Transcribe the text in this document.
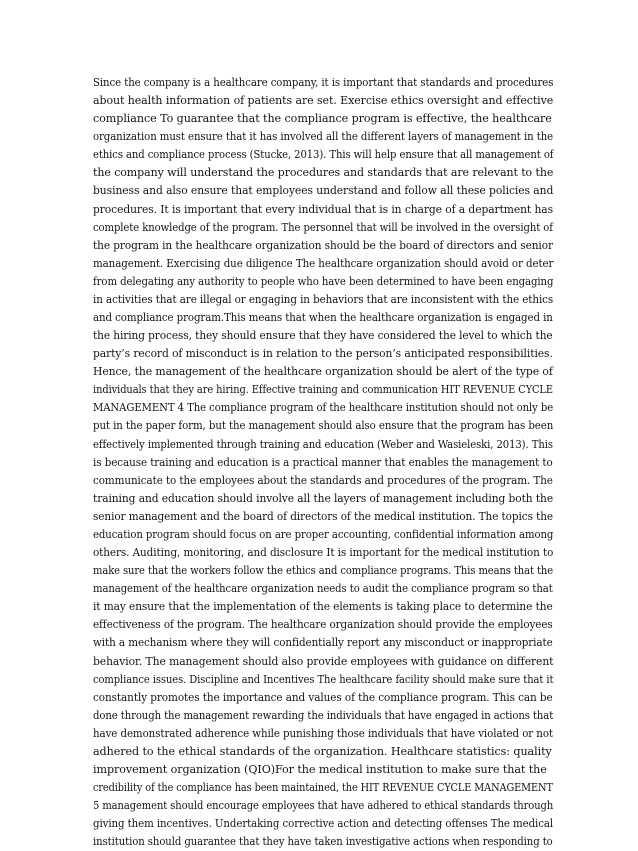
Since the company is a healthcare company, it is important that standards and procedures
about health information of patients are set. Exercise ethics oversight and effective
compliance To guarantee that the compliance program is effective, the healthcare
organization must ensure that it has involved all the different layers of management in the
ethics and compliance process (Stucke, 2013). This will help ensure that all management of
the company will understand the procedures and standards that are relevant to the
business and also ensure that employees understand and follow all these policies and
procedures. It is important that every individual that is in charge of a department has
complete knowledge of the program. The personnel that will be involved in the oversight of
the program in the healthcare organization should be the board of directors and senior
management. Exercising due diligence The healthcare organization should avoid or deter
from delegating any authority to people who have been determined to have been engaging
in activities that are illegal or engaging in behaviors that are inconsistent with the ethics
and compliance program.This means that when the healthcare organization is engaged in
the hiring process, they should ensure that they have considered the level to which the
party’s record of misconduct is in relation to the person’s anticipated responsibilities.
Hence, the management of the healthcare organization should be alert of the type of
individuals that they are hiring. Effective training and communication HIT REVENUE CYCLE
MANAGEMENT 4 The compliance program of the healthcare institution should not only be
put in the paper form, but the management should also ensure that the program has been
effectively implemented through training and education (Weber and Wasieleski, 2013). This
is because training and education is a practical manner that enables the management to
communicate to the employees about the standards and procedures of the program. The
training and education should involve all the layers of management including both the
senior management and the board of directors of the medical institution. The topics the
education program should focus on are proper accounting, confidential information among
others. Auditing, monitoring, and disclosure It is important for the medical institution to
make sure that the workers follow the ethics and compliance programs. This means that the
management of the healthcare organization needs to audit the compliance program so that
it may ensure that the implementation of the elements is taking place to determine the
effectiveness of the program. The healthcare organization should provide the employees
with a mechanism where they will confidentially report any misconduct or inappropriate
behavior. The management should also provide employees with guidance on different
compliance issues. Discipline and Incentives The healthcare facility should make sure that it
constantly promotes the importance and values of the compliance program. This can be
done through the management rewarding the individuals that have engaged in actions that
have demonstrated adherence while punishing those individuals that have violated or not
adhered to the ethical standards of the organization. Healthcare statistics: quality
improvement organization (QIO)For the medical institution to make sure that the
credibility of the compliance has been maintained, the HIT REVENUE CYCLE MANAGEMENT
5 management should encourage employees that have adhered to ethical standards through
giving them incentives. Undertaking corrective action and detecting offenses The medical
institution should guarantee that they have taken investigative actions when responding to
